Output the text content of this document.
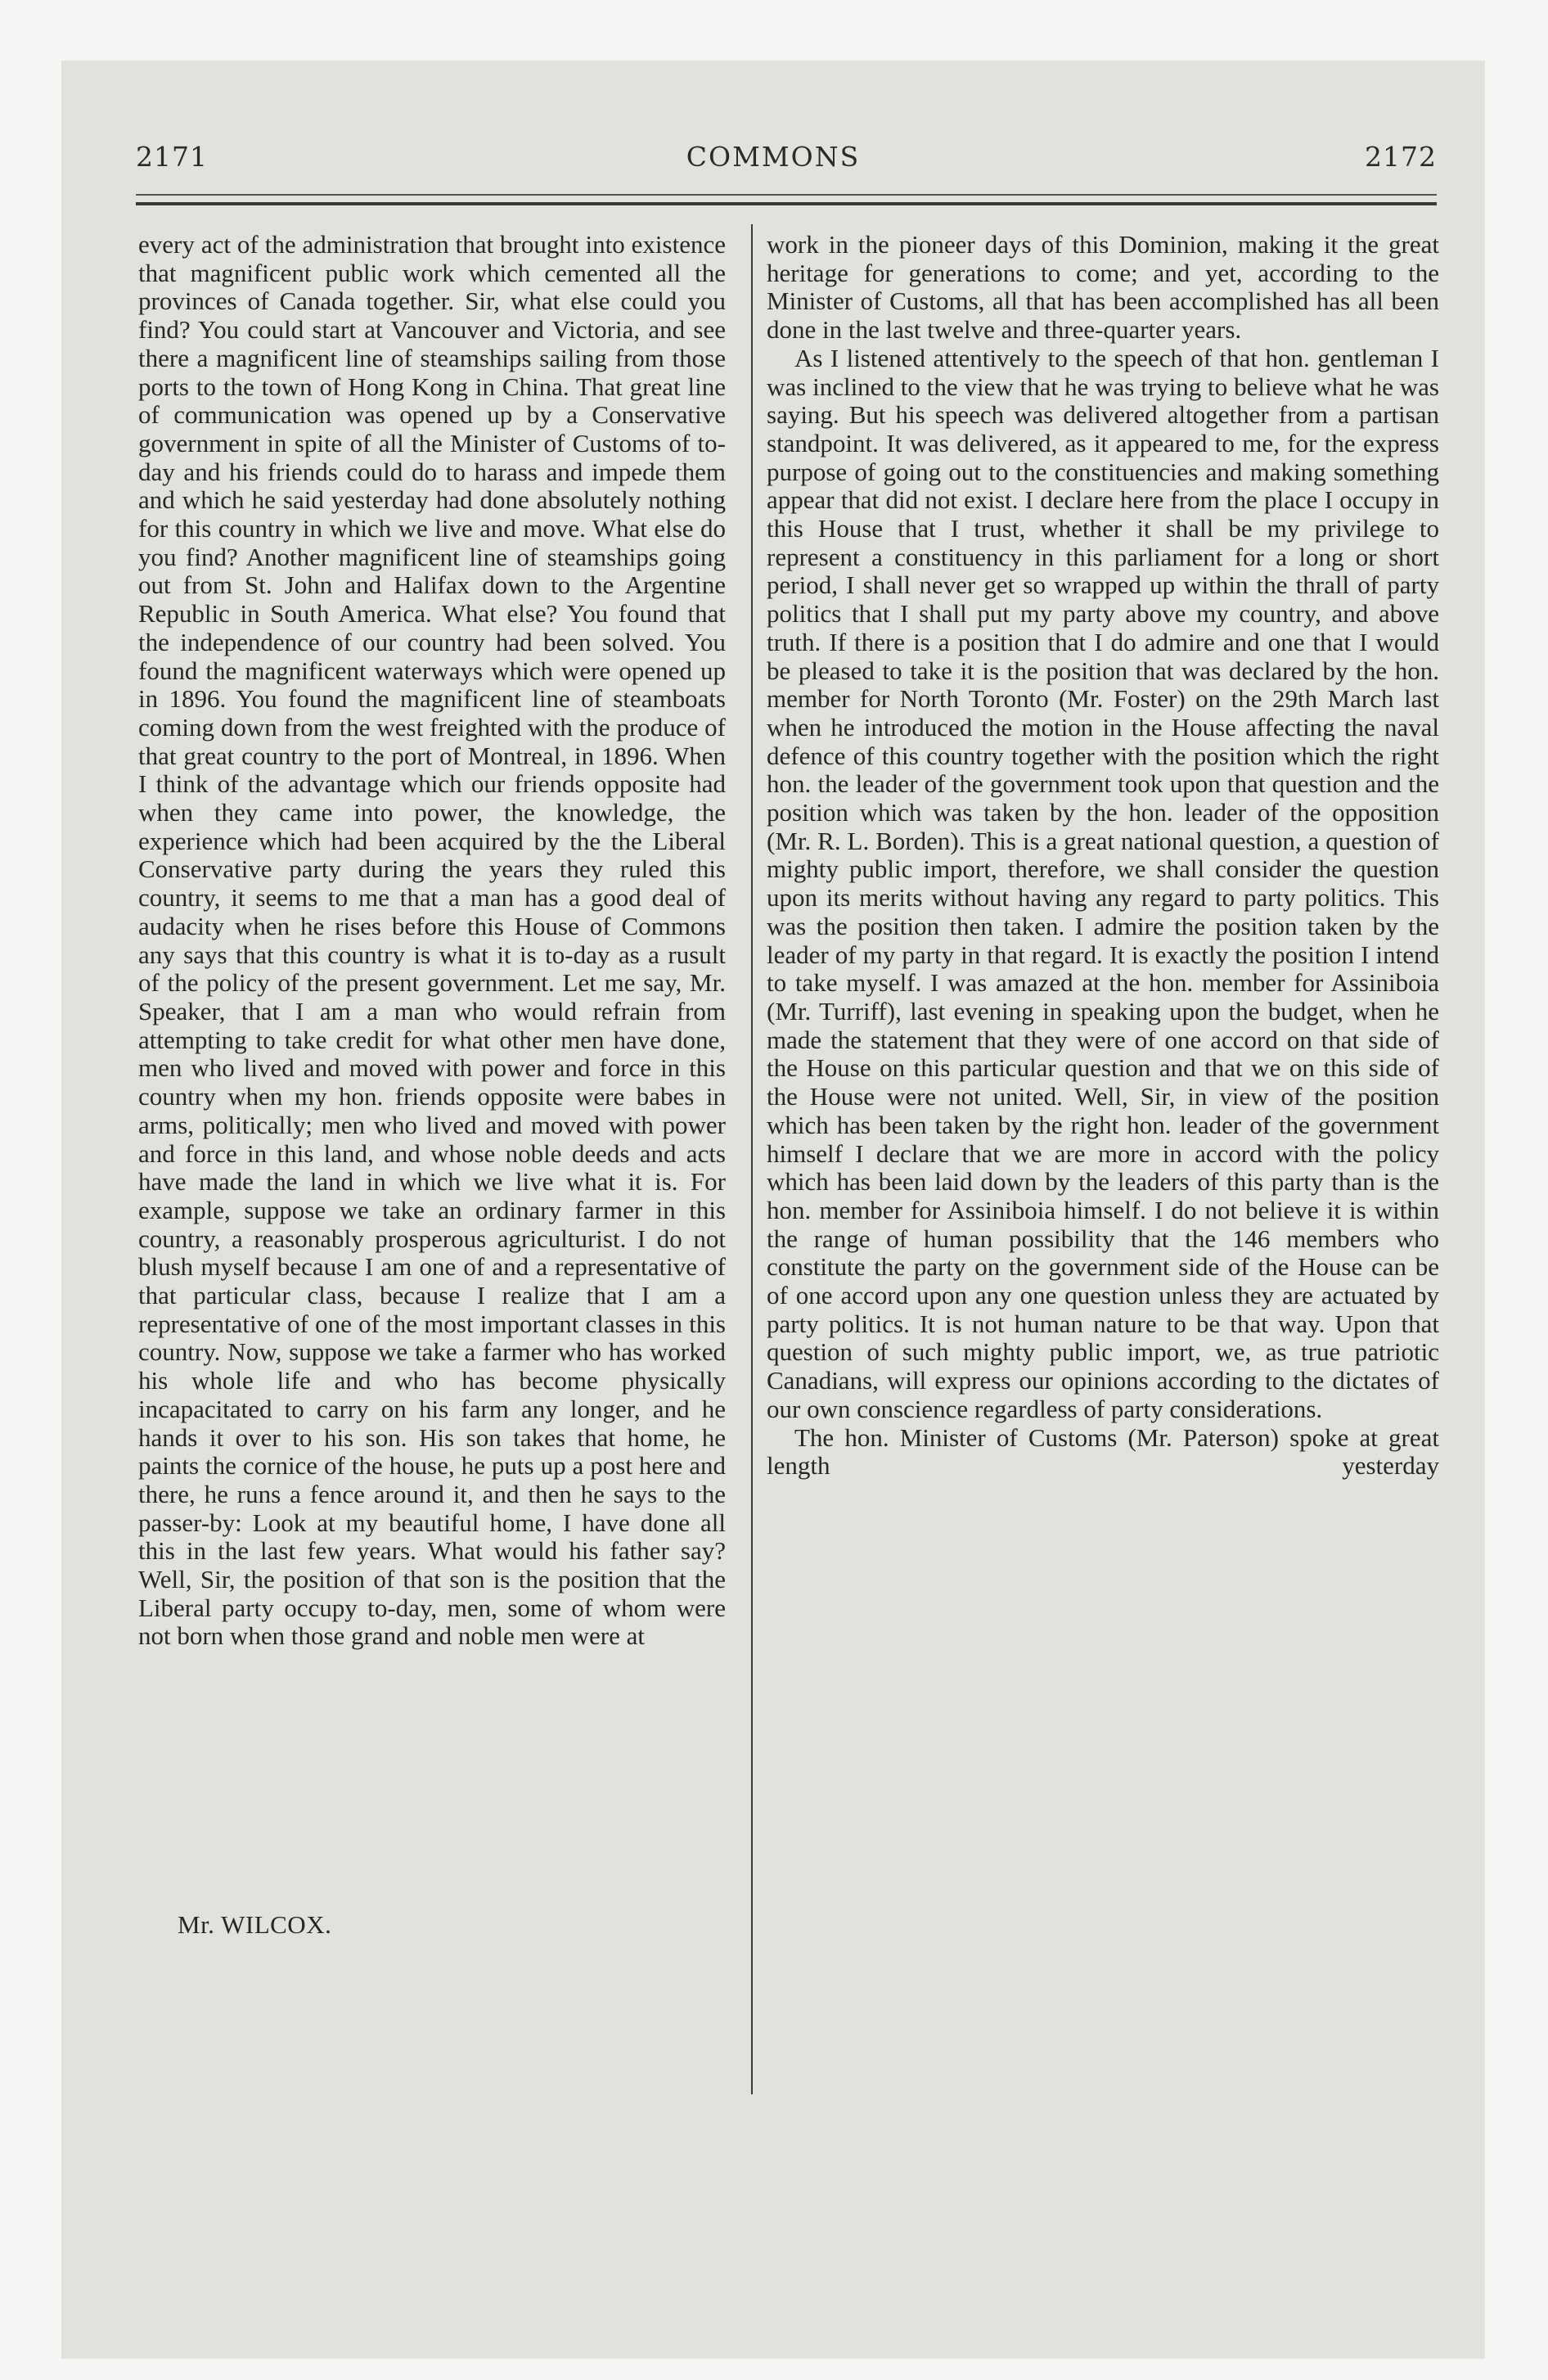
2171	COMMONS	2172

every act of the administration that brought into existence that magnificent public work which cemented all the provinces of Canada together. Sir, what else could you find? You could start at Vancouver and Victoria, and see there a magnificent line of steamships sailing from those ports to the town of Hong Kong in China. That great line of communication was opened up by a Conservative government in spite of all the Minister of Customs of to-day and his friends could do to harass and impede them and which he said yesterday had done absolutely nothing for this country in which we live and move. What else do you find? Another magnificent line of steamships going out from St. John and Halifax down to the Argentine Republic in South America. What else? You found that the independence of our country had been solved. You found the magnificent waterways which were opened up in 1896. You found the magnificent line of steamboats coming down from the west freighted with the produce of that great country to the port of Montreal, in 1896. When I think of the advantage which our friends opposite had when they came into power, the knowledge, the experience which had been acquired by the the Liberal Conservative party during the years they ruled this country, it seems to me that a man has a good deal of audacity when he rises before this House of Commons any says that this country is what it is to-day as a rusult of the policy of the present government. Let me say, Mr. Speaker, that I am a man who would refrain from attempting to take credit for what other men have done, men who lived and moved with power and force in this country when my hon. friends opposite were babes in arms, politically; men who lived and moved with power and force in this land, and whose noble deeds and acts have made the land in which we live what it is. For example, suppose we take an ordinary farmer in this country, a reasonably prosperous agriculturist. I do not blush myself because I am one of and a representative of that particular class, because I realize that I am a representative of one of the most important classes in this country. Now, suppose we take a farmer who has worked his whole life and who has become physically incapacitated to carry on his farm any longer, and he hands it over to his son. His son takes that home, he paints the cornice of the house, he puts up a post here and there, he runs a fence around it, and then he says to the passer-by: Look at my beautiful home, I have done all this in the last few years. What would his father say? Well, Sir, the position of that son is the position that the Liberal party occupy to-day, men, some of whom were not born when those grand and noble men were at

work in the pioneer days of this Dominion, making it the great heritage for generations to come; and yet, according to the Minister of Customs, all that has been accomplished has all been done in the last twelve and three-quarter years.

As I listened attentively to the speech of that hon. gentleman I was inclined to the view that he was trying to believe what he was saying. But his speech was delivered altogether from a partisan standpoint. It was delivered, as it appeared to me, for the express purpose of going out to the constituencies and making something appear that did not exist. I declare here from the place I occupy in this House that I trust, whether it shall be my privilege to represent a constituency in this parliament for a long or short period, I shall never get so wrapped up within the thrall of party politics that I shall put my party above my country, and above truth. If there is a position that I do admire and one that I would be pleased to take it is the position that was declared by the hon. member for North Toronto (Mr. Foster) on the 29th March last when he introduced the motion in the House affecting the naval defence of this country together with the position which the right hon. the leader of the government took upon that question and the position which was taken by the hon. leader of the opposition (Mr. R. L. Borden). This is a great national question, a question of mighty public import, therefore, we shall consider the question upon its merits without having any regard to party politics. This was the position then taken. I admire the position taken by the leader of my party in that regard. It is exactly the position I intend to take myself. I was amazed at the hon. member for Assiniboia (Mr. Turriff), last evening in speaking upon the budget, when he made the statement that they were of one accord on that side of the House on this particular question and that we on this side of the House were not united. Well, Sir, in view of the position which has been taken by the right hon. leader of the government himself I declare that we are more in accord with the policy which has been laid down by the leaders of this party than is the hon. member for Assiniboia himself. I do not believe it is within the range of human possibility that the 146 members who constitute the party on the government side of the House can be of one accord upon any one question unless they are actuated by party politics. It is not human nature to be that way. Upon that question of such mighty public import, we, as true patriotic Canadians, will express our opinions according to the dictates of our own conscience regardless of party considerations.

The hon. Minister of Customs (Mr. Paterson) spoke at great length yesterday

Mr. WILCOX.
